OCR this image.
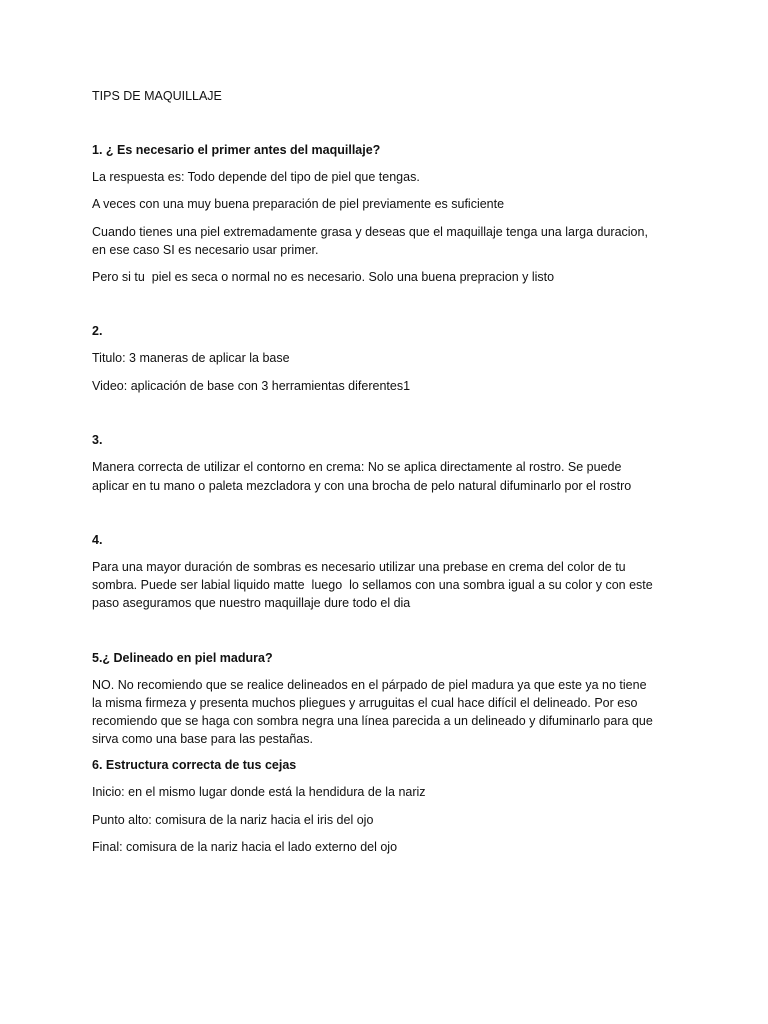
TIPS DE MAQUILLAJE

1. ¿ Es necesario el primer antes del maquillaje?

La respuesta es: Todo depende del tipo de piel que tengas.

A veces con una muy buena preparación de piel previamente es suficiente

Cuando tienes una piel extremadamente grasa y deseas que el maquillaje tenga una larga duracion,

en ese caso SI es necesario usar primer.

Pero si tu  piel es seca o normal no es necesario. Solo una buena prepracion y listo

2.

Titulo: 3 maneras de aplicar la base

Video: aplicación de base con 3 herramientas diferentes1

3.

Manera correcta de utilizar el contorno en crema: No se aplica directamente al rostro. Se puede

aplicar en tu mano o paleta mezcladora y con una brocha de pelo natural difuminarlo por el rostro

4.

Para una mayor duración de sombras es necesario utilizar una prebase en crema del color de tu

sombra. Puede ser labial liquido matte  luego  lo sellamos con una sombra igual a su color y con este

paso aseguramos que nuestro maquillaje dure todo el dia

5.¿ Delineado en piel madura?

NO. No recomiendo que se realice delineados en el párpado de piel madura ya que este ya no tiene

la misma firmeza y presenta muchos pliegues y arruguitas el cual hace difícil el delineado. Por eso

recomiendo que se haga con sombra negra una línea parecida a un delineado y difuminarlo para que

sirva como una base para las pestañas.

6. Estructura correcta de tus cejas

Inicio: en el mismo lugar donde está la hendidura de la nariz

Punto alto: comisura de la nariz hacia el iris del ojo

Final: comisura de la nariz hacia el lado externo del ojo
